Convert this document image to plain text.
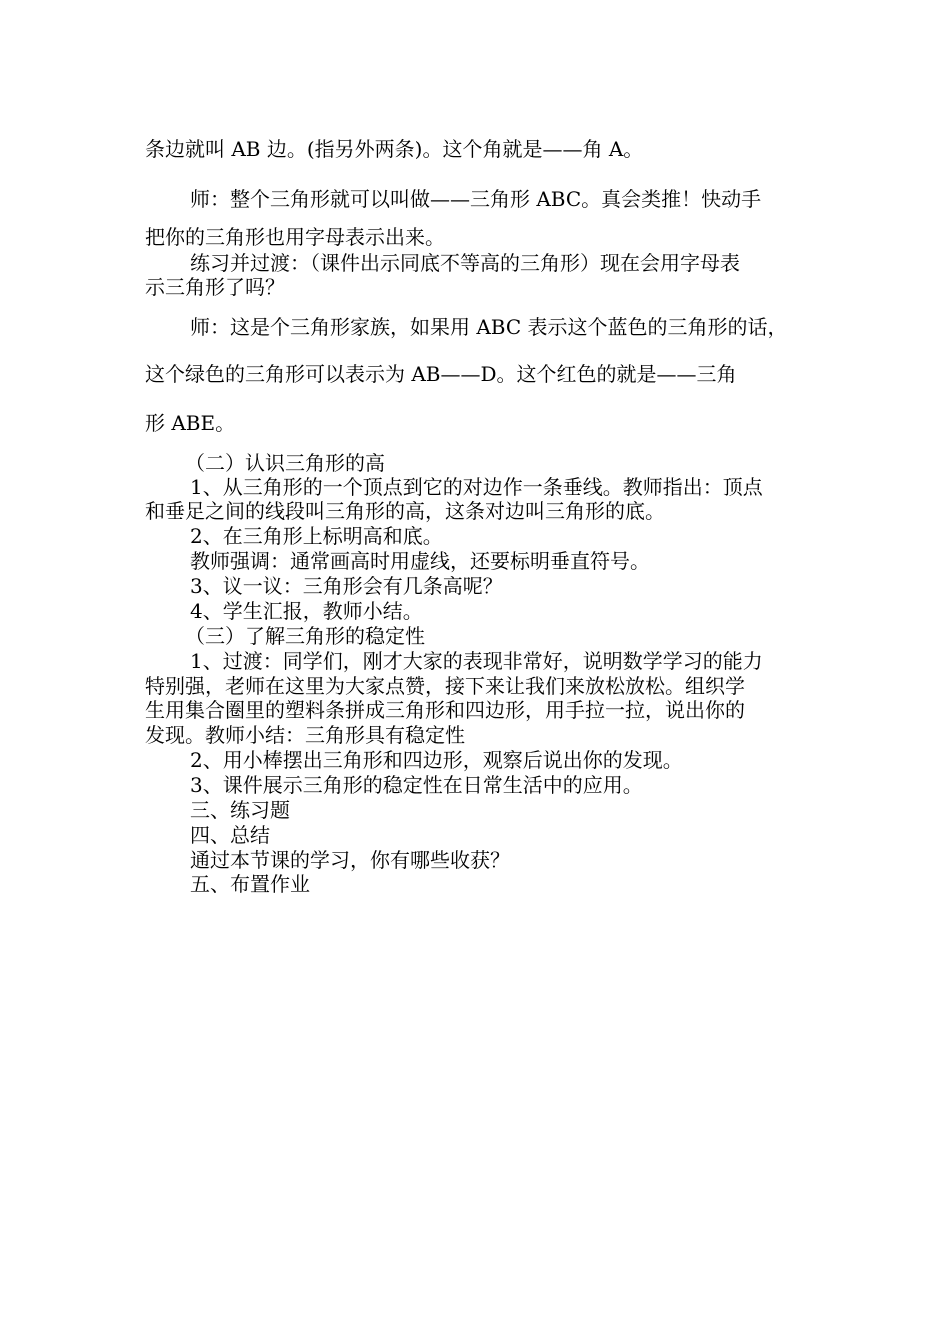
条边就叫 AB 边。(指另外两条)。这个角就是——角 A。
师：整个三角形就可以叫做——三角形 ABC。真会类推！快动手
把你的三角形也用字母表示出来。
练习并过渡：（课件出示同底不等高的三角形）现在会用字母表
示三角形了吗？
师：这是个三角形家族，如果用 ABC 表示这个蓝色的三角形的话，
这个绿色的三角形可以表示为 AB——D。这个红色的就是——三角
形 ABE。
（二）认识三角形的高
1、从三角形的一个顶点到它的对边作一条垂线。教师指出：顶点
和垂足之间的线段叫三角形的高，这条对边叫三角形的底。
2、在三角形上标明高和底。
教师强调：通常画高时用虚线，还要标明垂直符号。
3、议一议：三角形会有几条高呢？
4、学生汇报，教师小结。
（三）了解三角形的稳定性
1、过渡：同学们，刚才大家的表现非常好，说明数学学习的能力
特别强，老师在这里为大家点赞，接下来让我们来放松放松。组织学
生用集合圈里的塑料条拼成三角形和四边形，用手拉一拉，说出你的
发现。教师小结：三角形具有稳定性
2、用小棒摆出三角形和四边形，观察后说出你的发现。
3、课件展示三角形的稳定性在日常生活中的应用。
三、练习题
四、总结
通过本节课的学习，你有哪些收获？
五、布置作业
